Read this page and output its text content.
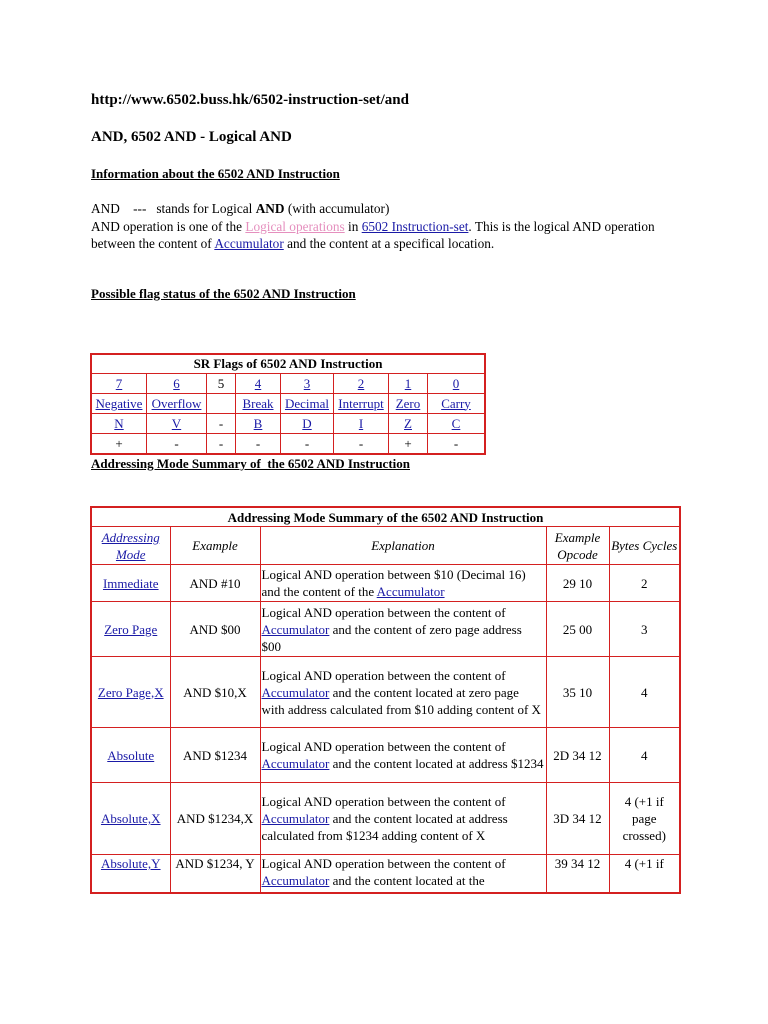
http://www.6502.buss.hk/6502-instruction-set/and
AND, 6502 AND - Logical AND
Information about the 6502 AND Instruction
AND    ---   stands for Logical AND (with accumulator)
AND operation is one of the Logical operations in 6502 Instruction-set. This is the logical AND operation between the content of Accumulator and the content at a specifical location.
Possible flag status of the 6502 AND Instruction
SR Flags of 6502 AND Instruction							
7	6	5	4	3	2	1	0
Negative	Overflow		Break	Decimal	Interrupt	Zero	Carry
N	V	-	B	D	I	Z	C
+	-	-	-	-	-	+	-
Addressing Mode Summary of  the 6502 AND Instruction
Addressing Mode Summary of the 6502 AND Instruction				
Addressing Mode	Example	Explanation	Example Opcode	Bytes Cycles
Immediate	AND #10	Logical AND operation between $10 (Decimal 16) and the content of the Accumulator	29 10	2
Zero Page	AND $00	Logical AND operation between the content of Accumulator and the content of zero page address $00	25 00	3
Zero Page,X	AND $10,X	Logical AND operation between the content of Accumulator and the content located at zero page with address calculated from $10 adding content of X	35 10	4
Absolute	AND $1234	Logical AND operation between the content of Accumulator and the content located at address $1234	2D 34 12	4
Absolute,X	AND $1234,X	Logical AND operation between the content of Accumulator and the content located at address calculated from $1234 adding content of X	3D 34 12	4 (+1 if page crossed)
Absolute,Y	AND $1234, Y	Logical AND operation between the content of Accumulator and the content located at the	39 34 12	4 (+1 if
